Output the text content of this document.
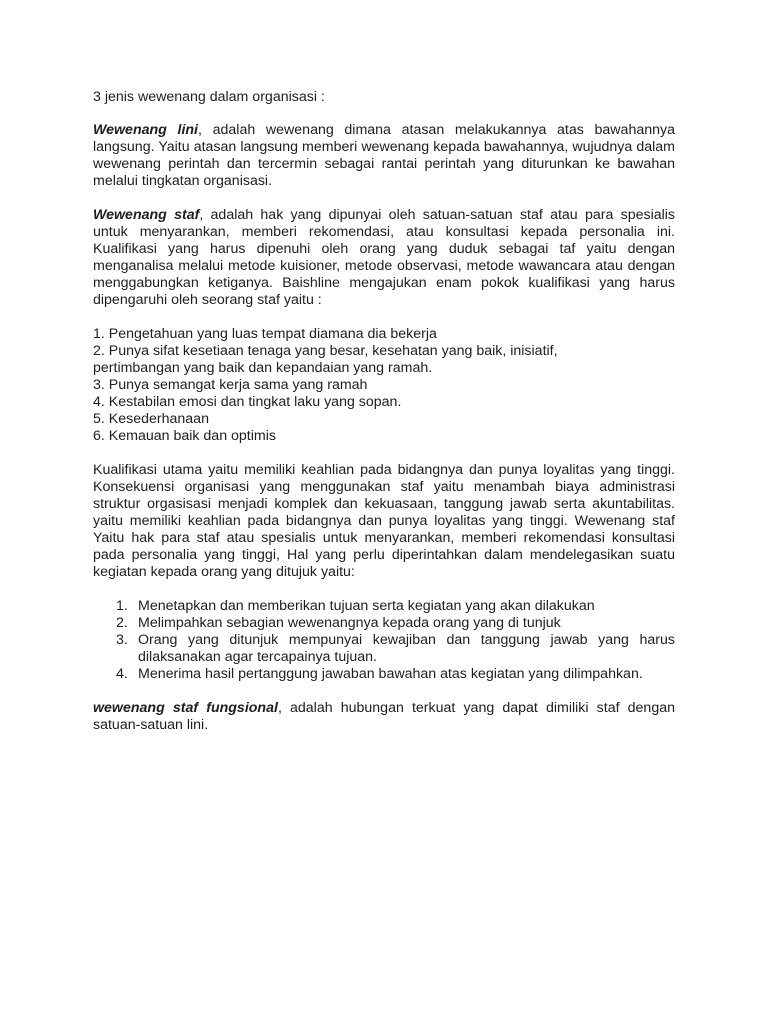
3 jenis wewenang dalam organisasi :

Wewenang lini, adalah wewenang dimana atasan melakukannya atas bawahannya langsung. Yaitu atasan langsung memberi wewenang kepada bawahannya, wujudnya dalam wewenang perintah dan tercermin sebagai rantai perintah yang diturunkan ke bawahan melalui tingkatan organisasi.

Wewenang staf, adalah hak yang dipunyai oleh satuan-satuan staf atau para spesialis untuk menyarankan, memberi rekomendasi, atau konsultasi kepada personalia ini. Kualifikasi yang harus dipenuhi oleh orang yang duduk sebagai taf yaitu dengan menganalisa melalui metode kuisioner, metode observasi, metode wawancara atau dengan menggabungkan ketiganya. Baishline mengajukan enam pokok kualifikasi yang harus dipengaruhi oleh seorang staf yaitu :

1. Pengetahuan yang luas tempat diamana dia bekerja
2. Punya sifat kesetiaan tenaga yang besar, kesehatan yang baik, inisiatif,
pertimbangan yang baik dan kepandaian yang ramah.
3. Punya semangat kerja sama yang ramah
4. Kestabilan emosi dan tingkat laku yang sopan.
5. Kesederhanaan
6. Kemauan baik dan optimis

Kualifikasi utama yaitu memiliki keahlian pada bidangnya dan punya loyalitas yang tinggi. Konsekuensi organisasi yang menggunakan staf yaitu menambah biaya administrasi struktur orgasisasi menjadi komplek dan kekuasaan, tanggung jawab serta akuntabilitas. yaitu memiliki keahlian pada bidangnya dan punya loyalitas yang tinggi. Wewenang staf Yaitu hak para staf atau spesialis untuk menyarankan, memberi rekomendasi konsultasi pada personalia yang tinggi, Hal yang perlu diperintahkan dalam mendelegasikan suatu kegiatan kepada orang yang ditujuk yaitu:

1. Menetapkan dan memberikan tujuan serta kegiatan yang akan dilakukan
2. Melimpahkan sebagian wewenangnya kepada orang yang di tunjuk
3. Orang yang ditunjuk mempunyai kewajiban dan tanggung jawab yang harus dilaksanakan agar tercapainya tujuan.
4. Menerima hasil pertanggung jawaban bawahan atas kegiatan yang dilimpahkan.

wewenang staf fungsional, adalah hubungan terkuat yang dapat dimiliki staf dengan satuan-satuan lini.
